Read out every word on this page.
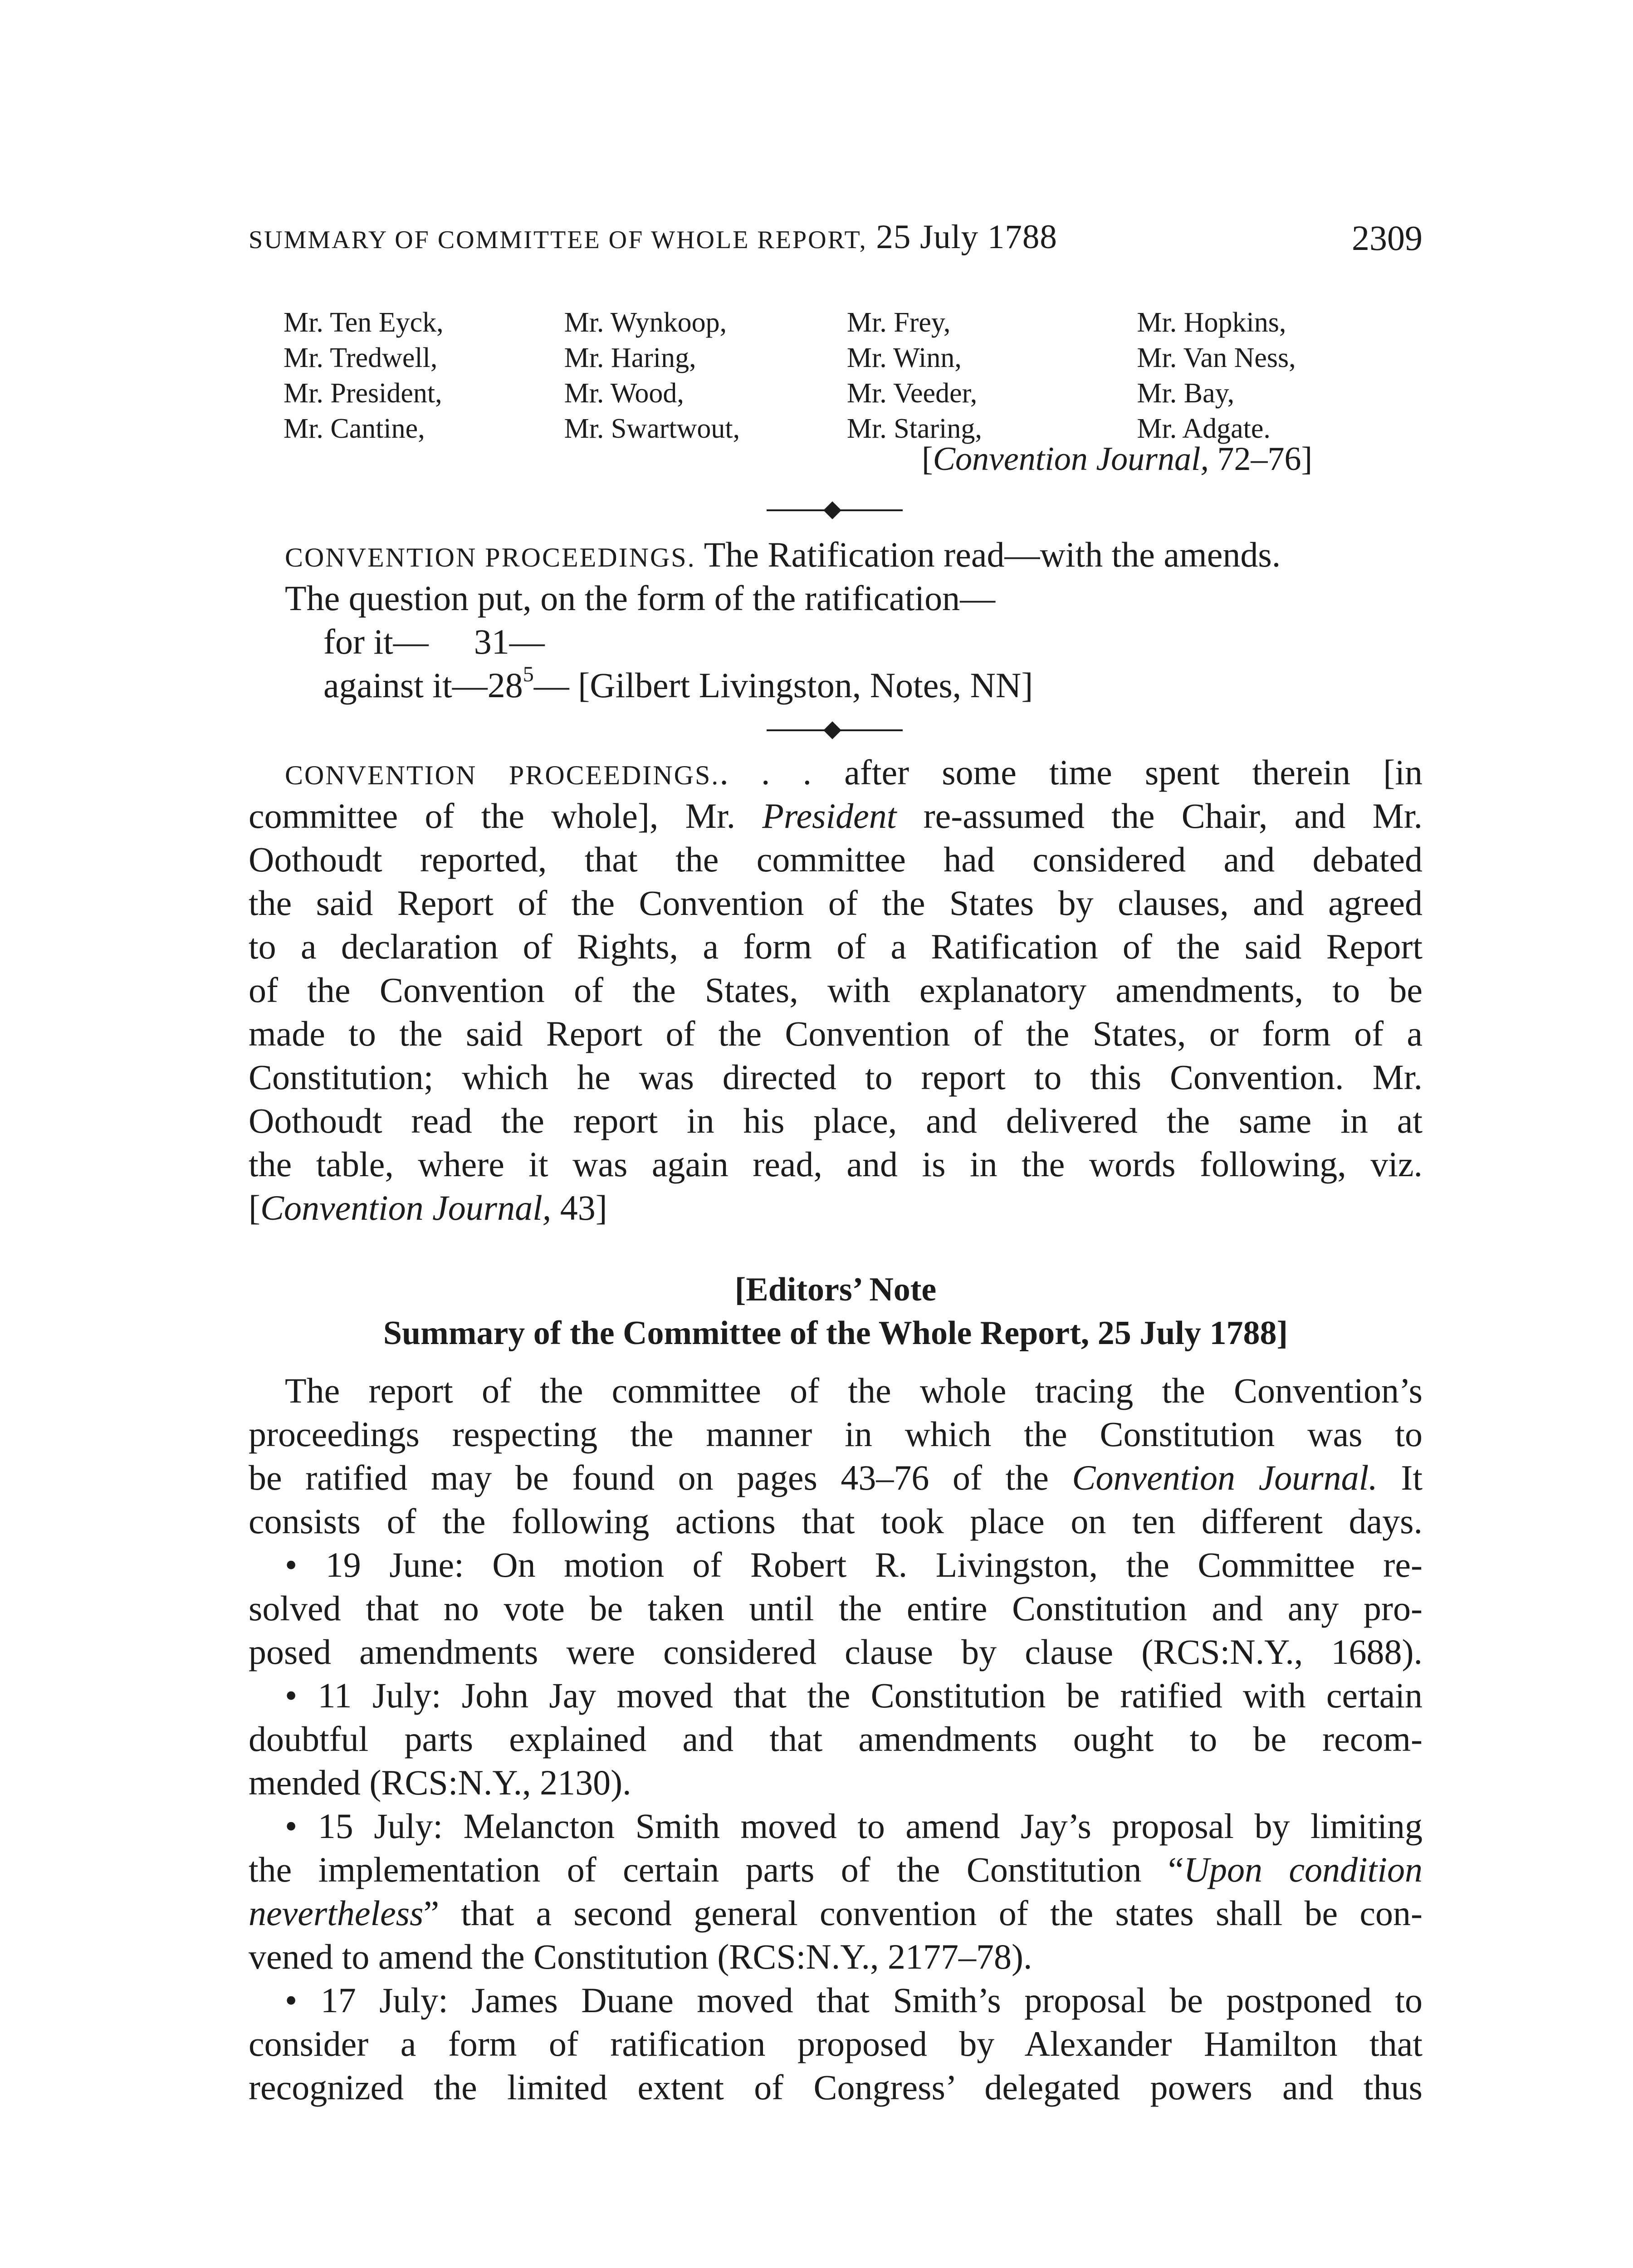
SUMMARY OF COMMITTEE OF WHOLE REPORT, 25 July 1788	2309
Mr. Ten Eyck,	Mr. Wynkoop,	Mr. Frey,	Mr. Hopkins,
Mr. Tredwell,	Mr. Haring,	Mr. Winn,	Mr. Van Ness,
Mr. President,	Mr. Wood,	Mr. Veeder,	Mr. Bay,
Mr. Cantine,	Mr. Swartwout,	Mr. Staring,	Mr. Adgate.
[Convention Journal, 72–76]
CONVENTION PROCEEDINGS. The Ratification read—with the amends.
The question put, on the form of the ratification—
for it— 31—
against $it—28^5—$ [Gilbert Livingston, Notes, NN]
CONVENTION PROCEEDINGS.. . . after some time spent therein [in
committee of the whole], Mr. President re-assumed the Chair, and Mr.
Oothoudt reported, that the committee had considered and debated
the said Report of the Convention of the States by clauses, and agreed
to a declaration of Rights, a form of a Ratification of the said Report
of the Convention of the States, with explanatory amendments, to be
made to the said Report of the Convention of the States, or form of a
Constitution; which he was directed to report to this Convention. Mr.
Oothoudt read the report in his place, and delivered the same in at
the table, where it was again read, and is in the words following, viz.
[Convention Journal, 43]
[Editors’ Note
Summary of the Committee of the Whole Report, 25 July 1788]
The report of the committee of the whole tracing the Convention’s
proceedings respecting the manner in which the Constitution was to
be ratified may be found on pages 43–76 of the Convention Journal. It
consists of the following actions that took place on ten different days.
• 19 June: On motion of Robert R. Livingston, the Committee re-
solved that no vote be taken until the entire Constitution and any pro-
posed amendments were considered clause by clause (RCS:N.Y., 1688).
• 11 July: John Jay moved that the Constitution be ratified with certain
doubtful parts explained and that amendments ought to be recom-
mended (RCS:N.Y., 2130).
• 15 July: Melancton Smith moved to amend Jay’s proposal by limiting
the implementation of certain parts of the Constitution “Upon condition
nevertheless” that a second general convention of the states shall be con-
vened to amend the Constitution (RCS:N.Y., 2177–78).
• 17 July: James Duane moved that Smith’s proposal be postponed to
consider a form of ratification proposed by Alexander Hamilton that
recognized the limited extent of Congress’ delegated powers and thus
